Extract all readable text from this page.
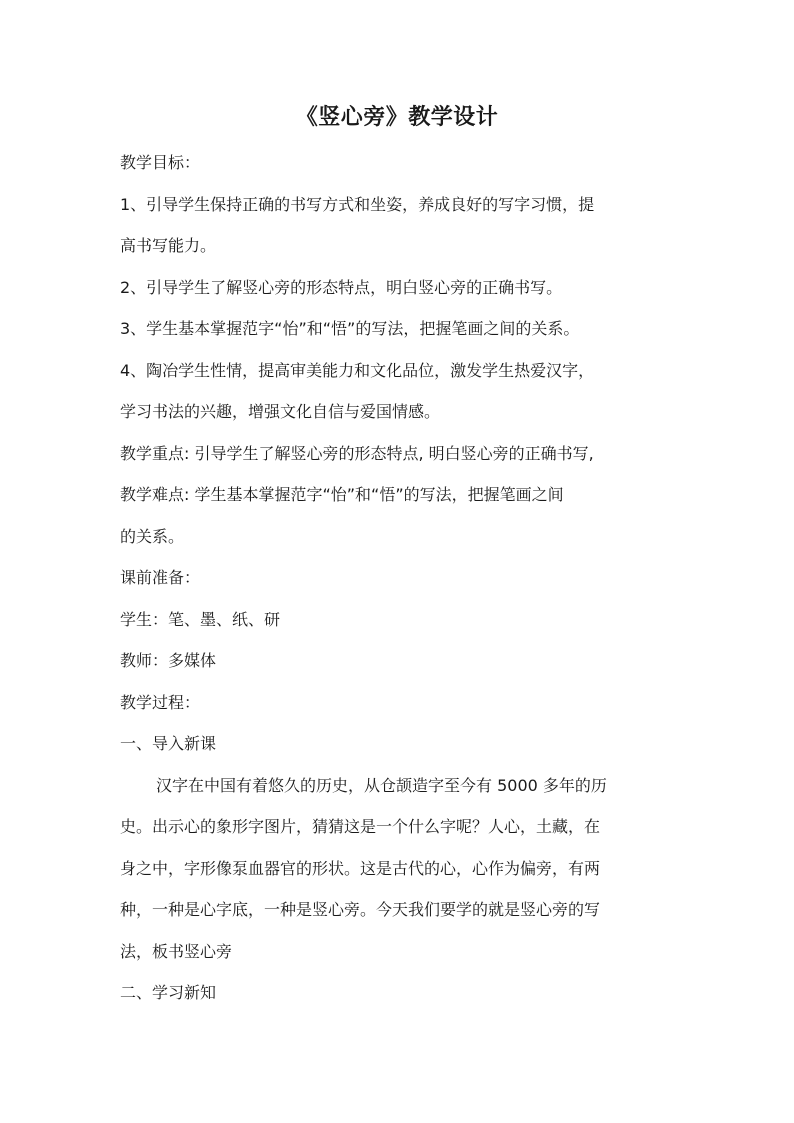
《竖心旁》教学设计
教学目标：
1、引导学生保持正确的书写方式和坐姿，养成良好的写字习惯，提
高书写能力。
2、引导学生了解竖心旁的形态特点，明白竖心旁的正确书写。
3、学生基本掌握范字“怡”和“悟”的写法，把握笔画之间的关系。
4、陶冶学生性情，提高审美能力和文化品位，激发学生热爱汉字，
学习书法的兴趣，增强文化自信与爱国情感。
教学重点: 引导学生了解竖心旁的形态特点, 明白竖心旁的正确书写,
教学难点: 学生基本掌握范字“怡”和“悟”的写法，把握笔画之间
的关系。
课前准备：
学生：笔、墨、纸、研
教师：多媒体
教学过程：
一、导入新课
汉字在中国有着悠久的历史，从仓颉造字至今有 5000 多年的历
史。出示心的象形字图片，猜猜这是一个什么字呢？人心，土藏，在
身之中，字形像泵血器官的形状。这是古代的心，心作为偏旁，有两
种，一种是心字底，一种是竖心旁。今天我们要学的就是竖心旁的写
法，板书竖心旁
二、学习新知
